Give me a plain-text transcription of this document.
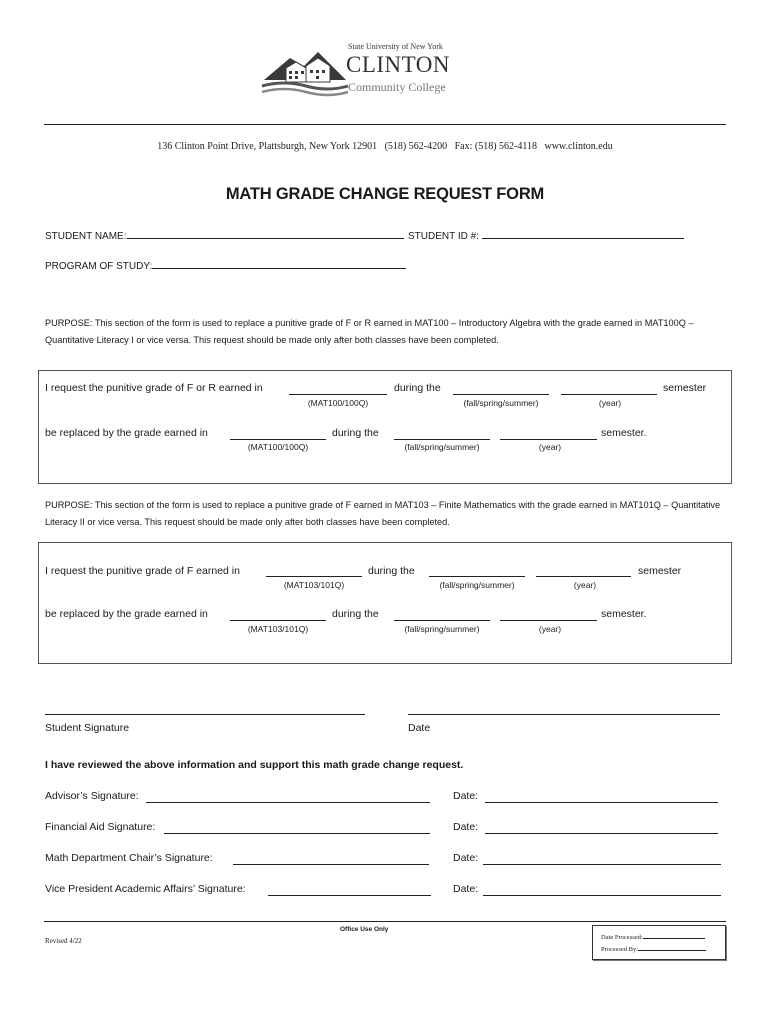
State University of New York
CLINTON
Community College
136 Clinton Point Drive, Plattsburgh, New York 12901   (518) 562-4200   Fax: (518) 562-4118   www.clinton.edu
MATH GRADE CHANGE REQUEST FORM
STUDENT NAME:	STUDENT ID #:
PROGRAM OF STUDY:
PURPOSE: This section of the form is used to replace a punitive grade of F or R earned in MAT100 – Introductory Algebra with the grade earned in MAT100Q – Quantitative Literacy I or vice versa. This request should be made only after both classes have been completed.
I request the punitive grade of F or R earned in	during the	semester
(MAT100/100Q)	(fall/spring/summer)	(year)
be replaced by the grade earned in	during the	semester.
(MAT100/100Q)	(fall/spring/summer)	(year)
PURPOSE: This section of the form is used to replace a punitive grade of F earned in MAT103 – Finite Mathematics with the grade earned in MAT101Q – Quantitative Literacy II or vice versa. This request should be made only after both classes have been completed.
I request the punitive grade of F earned in	during the	semester
(MAT103/101Q)	(fall/spring/summer)	(year)
be replaced by the grade earned in	during the	semester.
(MAT103/101Q)	(fall/spring/summer)	(year)
Student Signature	Date
I have reviewed the above information and support this math grade change request.
Advisor’s Signature:	Date:
Financial Aid Signature:	Date:
Math Department Chair’s Signature:	Date:
Vice President Academic Affairs’ Signature:	Date:
Office Use Only
Revised 4/22	Date Processed:
Processed By:
